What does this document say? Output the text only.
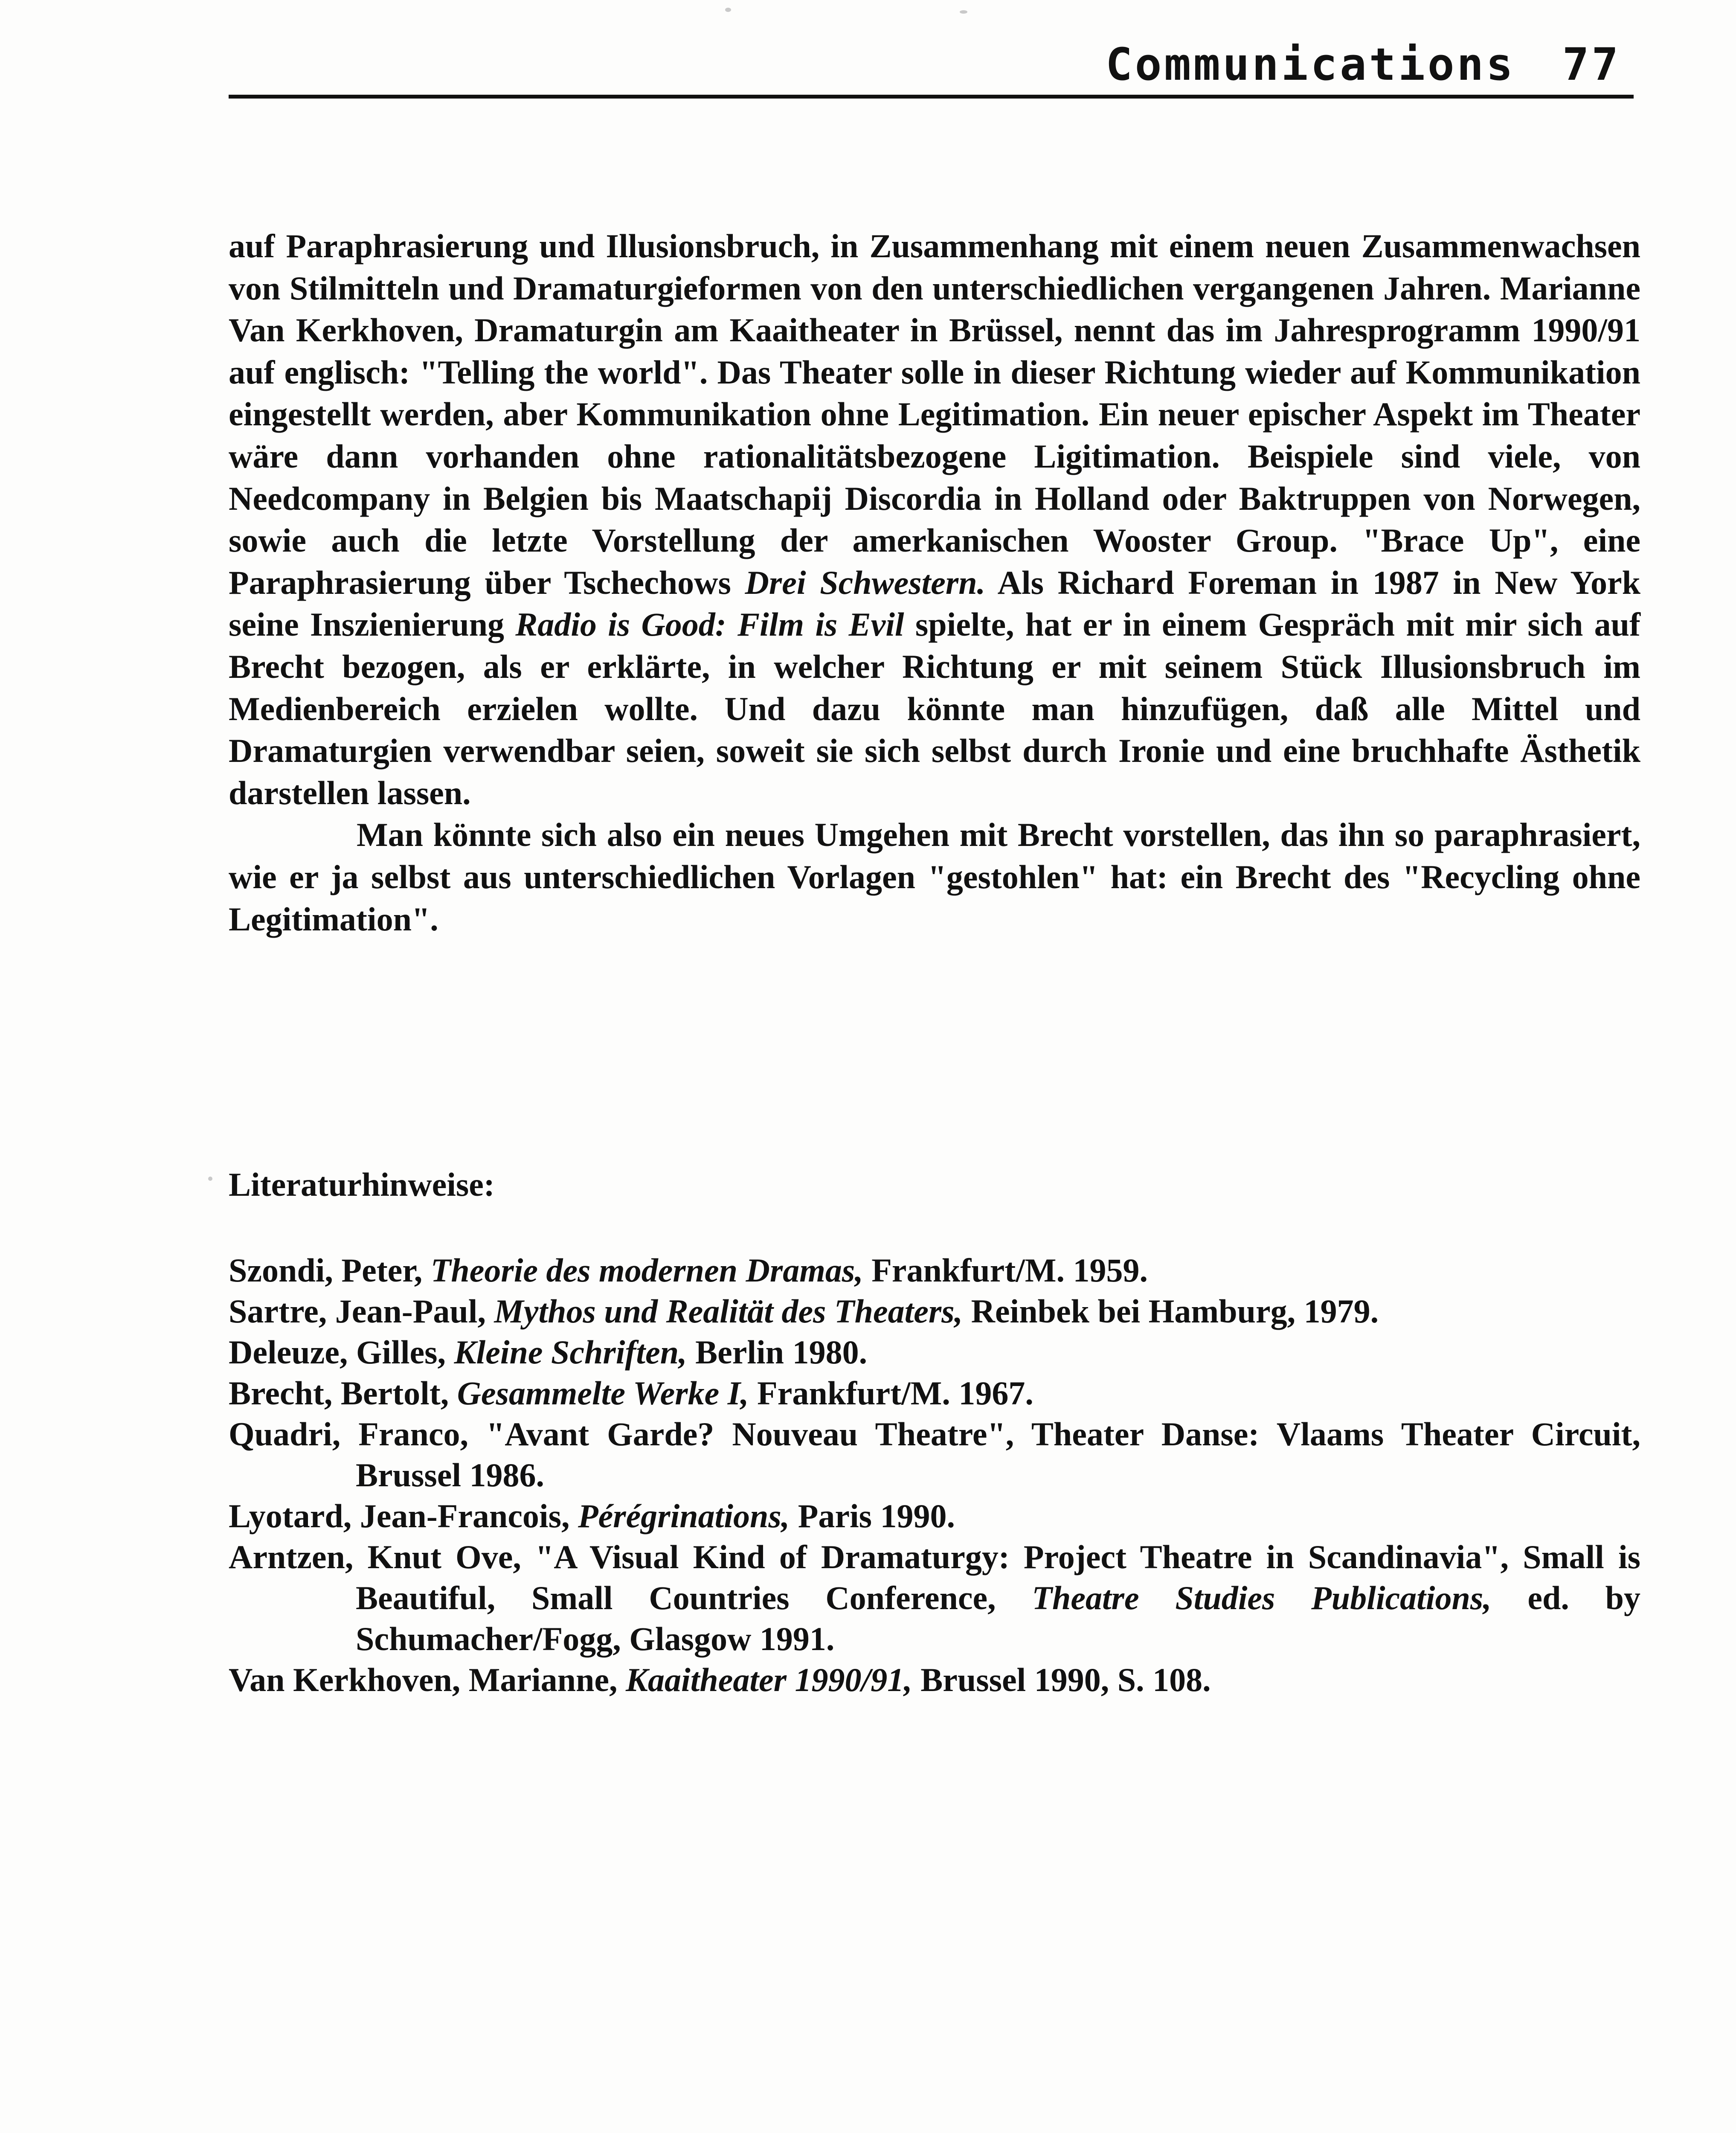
Communications 77

auf Paraphrasierung und Illusionsbruch, in Zusammenhang mit einem neuen Zusammenwachsen von Stilmitteln und Dramaturgieformen von den unterschiedlichen vergangenen Jahren. Marianne Van Kerkhoven, Dramaturgin am Kaaitheater in Brüssel, nennt das im Jahresprogramm 1990/91 auf englisch: "Telling the world". Das Theater solle in dieser Richtung wieder auf Kommunikation eingestellt werden, aber Kommunikation ohne Legitimation. Ein neuer epischer Aspekt im Theater wäre dann vorhanden ohne rationalitätsbezogene Ligitimation. Beispiele sind viele, von Needcompany in Belgien bis Maatschapij Discordia in Holland oder Baktruppen von Norwegen, sowie auch die letzte Vorstellung der amerkanischen Wooster Group. "Brace Up", eine Paraphrasierung über Tschechows Drei Schwestern. Als Richard Foreman in 1987 in New York seine Inszienierung Radio is Good: Film is Evil spielte, hat er in einem Gespräch mit mir sich auf Brecht bezogen, als er erklärte, in welcher Richtung er mit seinem Stück Illusionsbruch im Medienbereich erzielen wollte. Und dazu könnte man hinzufügen, daß alle Mittel und Dramaturgien verwendbar seien, soweit sie sich selbst durch Ironie und eine bruchhafte Ästhetik darstellen lassen.

Man könnte sich also ein neues Umgehen mit Brecht vorstellen, das ihn so paraphrasiert, wie er ja selbst aus unterschiedlichen Vorlagen "gestohlen" hat: ein Brecht des "Recycling ohne Legitimation".

Literaturhinweise:

Szondi, Peter, Theorie des modernen Dramas, Frankfurt/M. 1959.

Sartre, Jean-Paul, Mythos und Realität des Theaters, Reinbek bei Hamburg, 1979.

Deleuze, Gilles, Kleine Schriften, Berlin 1980.

Brecht, Bertolt, Gesammelte Werke I, Frankfurt/M. 1967.

Quadri, Franco, "Avant Garde? Nouveau Theatre", Theater Danse: Vlaams Theater Circuit, Brussel 1986.

Lyotard, Jean-Francois, Pérégrinations, Paris 1990.

Arntzen, Knut Ove, "A Visual Kind of Dramaturgy: Project Theatre in Scandinavia", Small is Beautiful, Small Countries Conference, Theatre Studies Publications, ed. by Schumacher/Fogg, Glasgow 1991.

Van Kerkhoven, Marianne, Kaaitheater 1990/91, Brussel 1990, S. 108.
